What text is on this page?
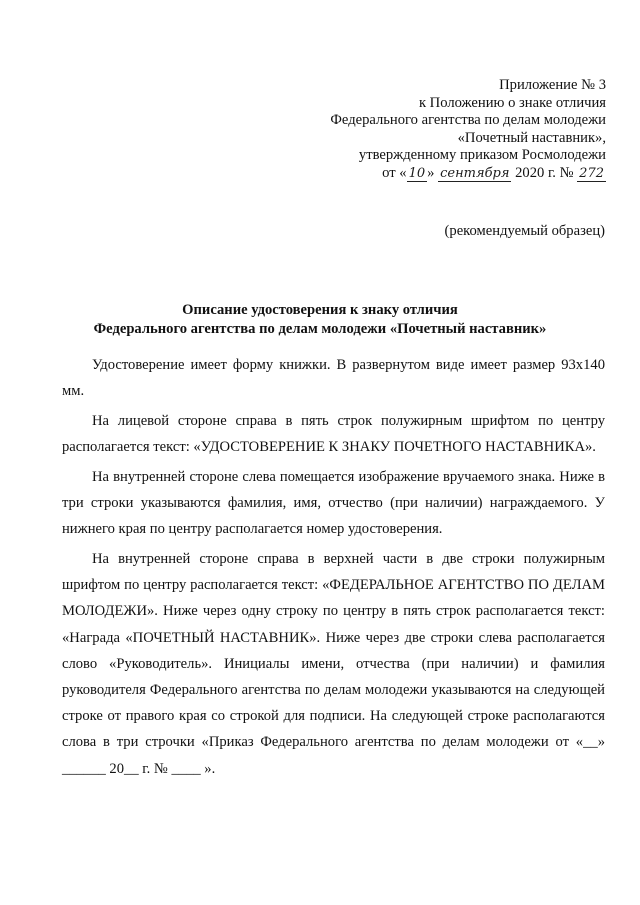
Приложение № 3
к Положению о знаке отличия
Федерального агентства по делам молодежи
«Почетный наставник»,
утвержденному приказом Росмолодежи
от « 10 » сентября 2020 г. № 272
(рекомендуемый образец)
Описание удостоверения к знаку отличия
Федерального агентства по делам молодежи «Почетный наставник»

Удостоверение имеет форму книжки. В развернутом виде имеет размер 93х140 мм.

На лицевой стороне справа в пять строк полужирным шрифтом по центру располагается текст: «УДОСТОВЕРЕНИЕ К ЗНАКУ ПОЧЕТНОГО НАСТАВНИКА».

На внутренней стороне слева помещается изображение вручаемого знака. Ниже в три строки указываются фамилия, имя, отчество (при наличии) награждаемого. У нижнего края по центру располагается номер удостоверения.

На внутренней стороне справа в верхней части в две строки полужирным шрифтом по центру располагается текст: «ФЕДЕРАЛЬНОЕ АГЕНТСТВО ПО ДЕЛАМ МОЛОДЕЖИ». Ниже через одну строку по центру в пять строк располагается текст: «Награда «ПОЧЕТНЫЙ НАСТАВНИК». Ниже через две строки слева располагается слово «Руководитель». Инициалы имени, отчества (при наличии) и фамилия руководителя Федерального агентства по делам молодежи указываются на следующей строке от правого края со строкой для подписи. На следующей строке располагаются слова в три строчки «Приказ Федерального агентства по делам молодежи от «__» ______ 20__ г. № ____ ».
